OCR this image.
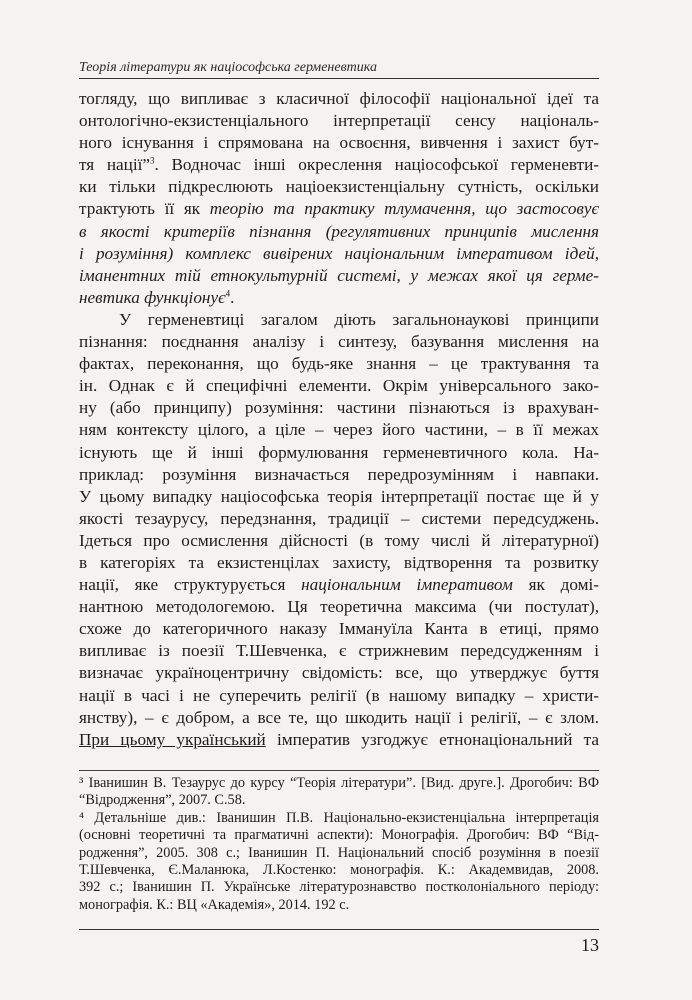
Теорія літератури як націософська герменевтика
тогляду, що випливає з класичної філософії національної ідеї та
онтологічно-екзистенціального інтерпретації сенсу національ-
ного існування і спрямована на освоєння, вивчення і захист бут-
тя нації”$^3$. Водночас інші окреслення націософської герменевти-
ки тільки підкреслюють націоекзистенціальну сутність, оскільки
трактують її як теорію та практику тлумачення, що застосовує
в якості критеріїв пізнання (регулятивних принципів мислення
і розуміння) комплекс вивірених національним імперативом ідей,
іманентних тій етнокультурній системі, у межах якої ця герме-
невтика функціонує$^4$.
У герменевтиці загалом діють загальнонаукові принципи
пізнання: поєднання аналізу і синтезу, базування мислення на
фактах, переконання, що будь-яке знання – це трактування та
ін. Однак є й специфічні елементи. Окрім універсального зако-
ну (або принципу) розуміння: частини пізнаються із врахуван-
ням контексту цілого, а ціле – через його частини, – в її межах
існують ще й інші формулювання герменевтичного кола. На-
приклад: розуміння визначається передрозумінням і навпаки.
У цьому випадку націософська теорія інтерпретації постає ще й у
якості тезаурусу, передзнання, традиції – системи передсуджень.
Ідеться про осмислення дійсності (в тому числі й літературної)
в категоріях та екзистенцілах захисту, відтворення та розвитку
нації, яке структурується національним імперативом як домі-
нантною методологемою. Ця теоретична максима (чи постулат),
схоже до категоричного наказу Іммануїла Канта в етиці, прямо
випливає із поезії Т.Шевченка, є стрижневим передсудженням і
визначає україноцентричну свідомість: все, що утверджує буття
нації в часі і не суперечить релігії (в нашому випадку – христи-
янству), – є добром, а все те, що шкодить нації і релігії, – є злом.
При цьому український імператив узгоджує етнонаціональний та
³ Іванишин В. Тезаурус до курсу “Теорія літератури”. [Вид. друге.]. Дрогобич: ВФ
“Відродження”, 2007. С.58.
⁴ Детальніше див.: Іванишин П.В. Національно-екзистенціальна інтерпретація
(основні теоретичні та прагматичні аспекти): Монографія. Дрогобич: ВФ “Від-
родження”, 2005. 308 с.; Іванишин П. Національний спосіб розуміння в поезії
Т.Шевченка, Є.Маланюка, Л.Костенко: монографія. К.: Академвидав, 2008.
392 с.; Іванишин П. Українське літературознавство постколоніального періоду:
монографія. К.: ВЦ «Академія», 2014. 192 с.
13
